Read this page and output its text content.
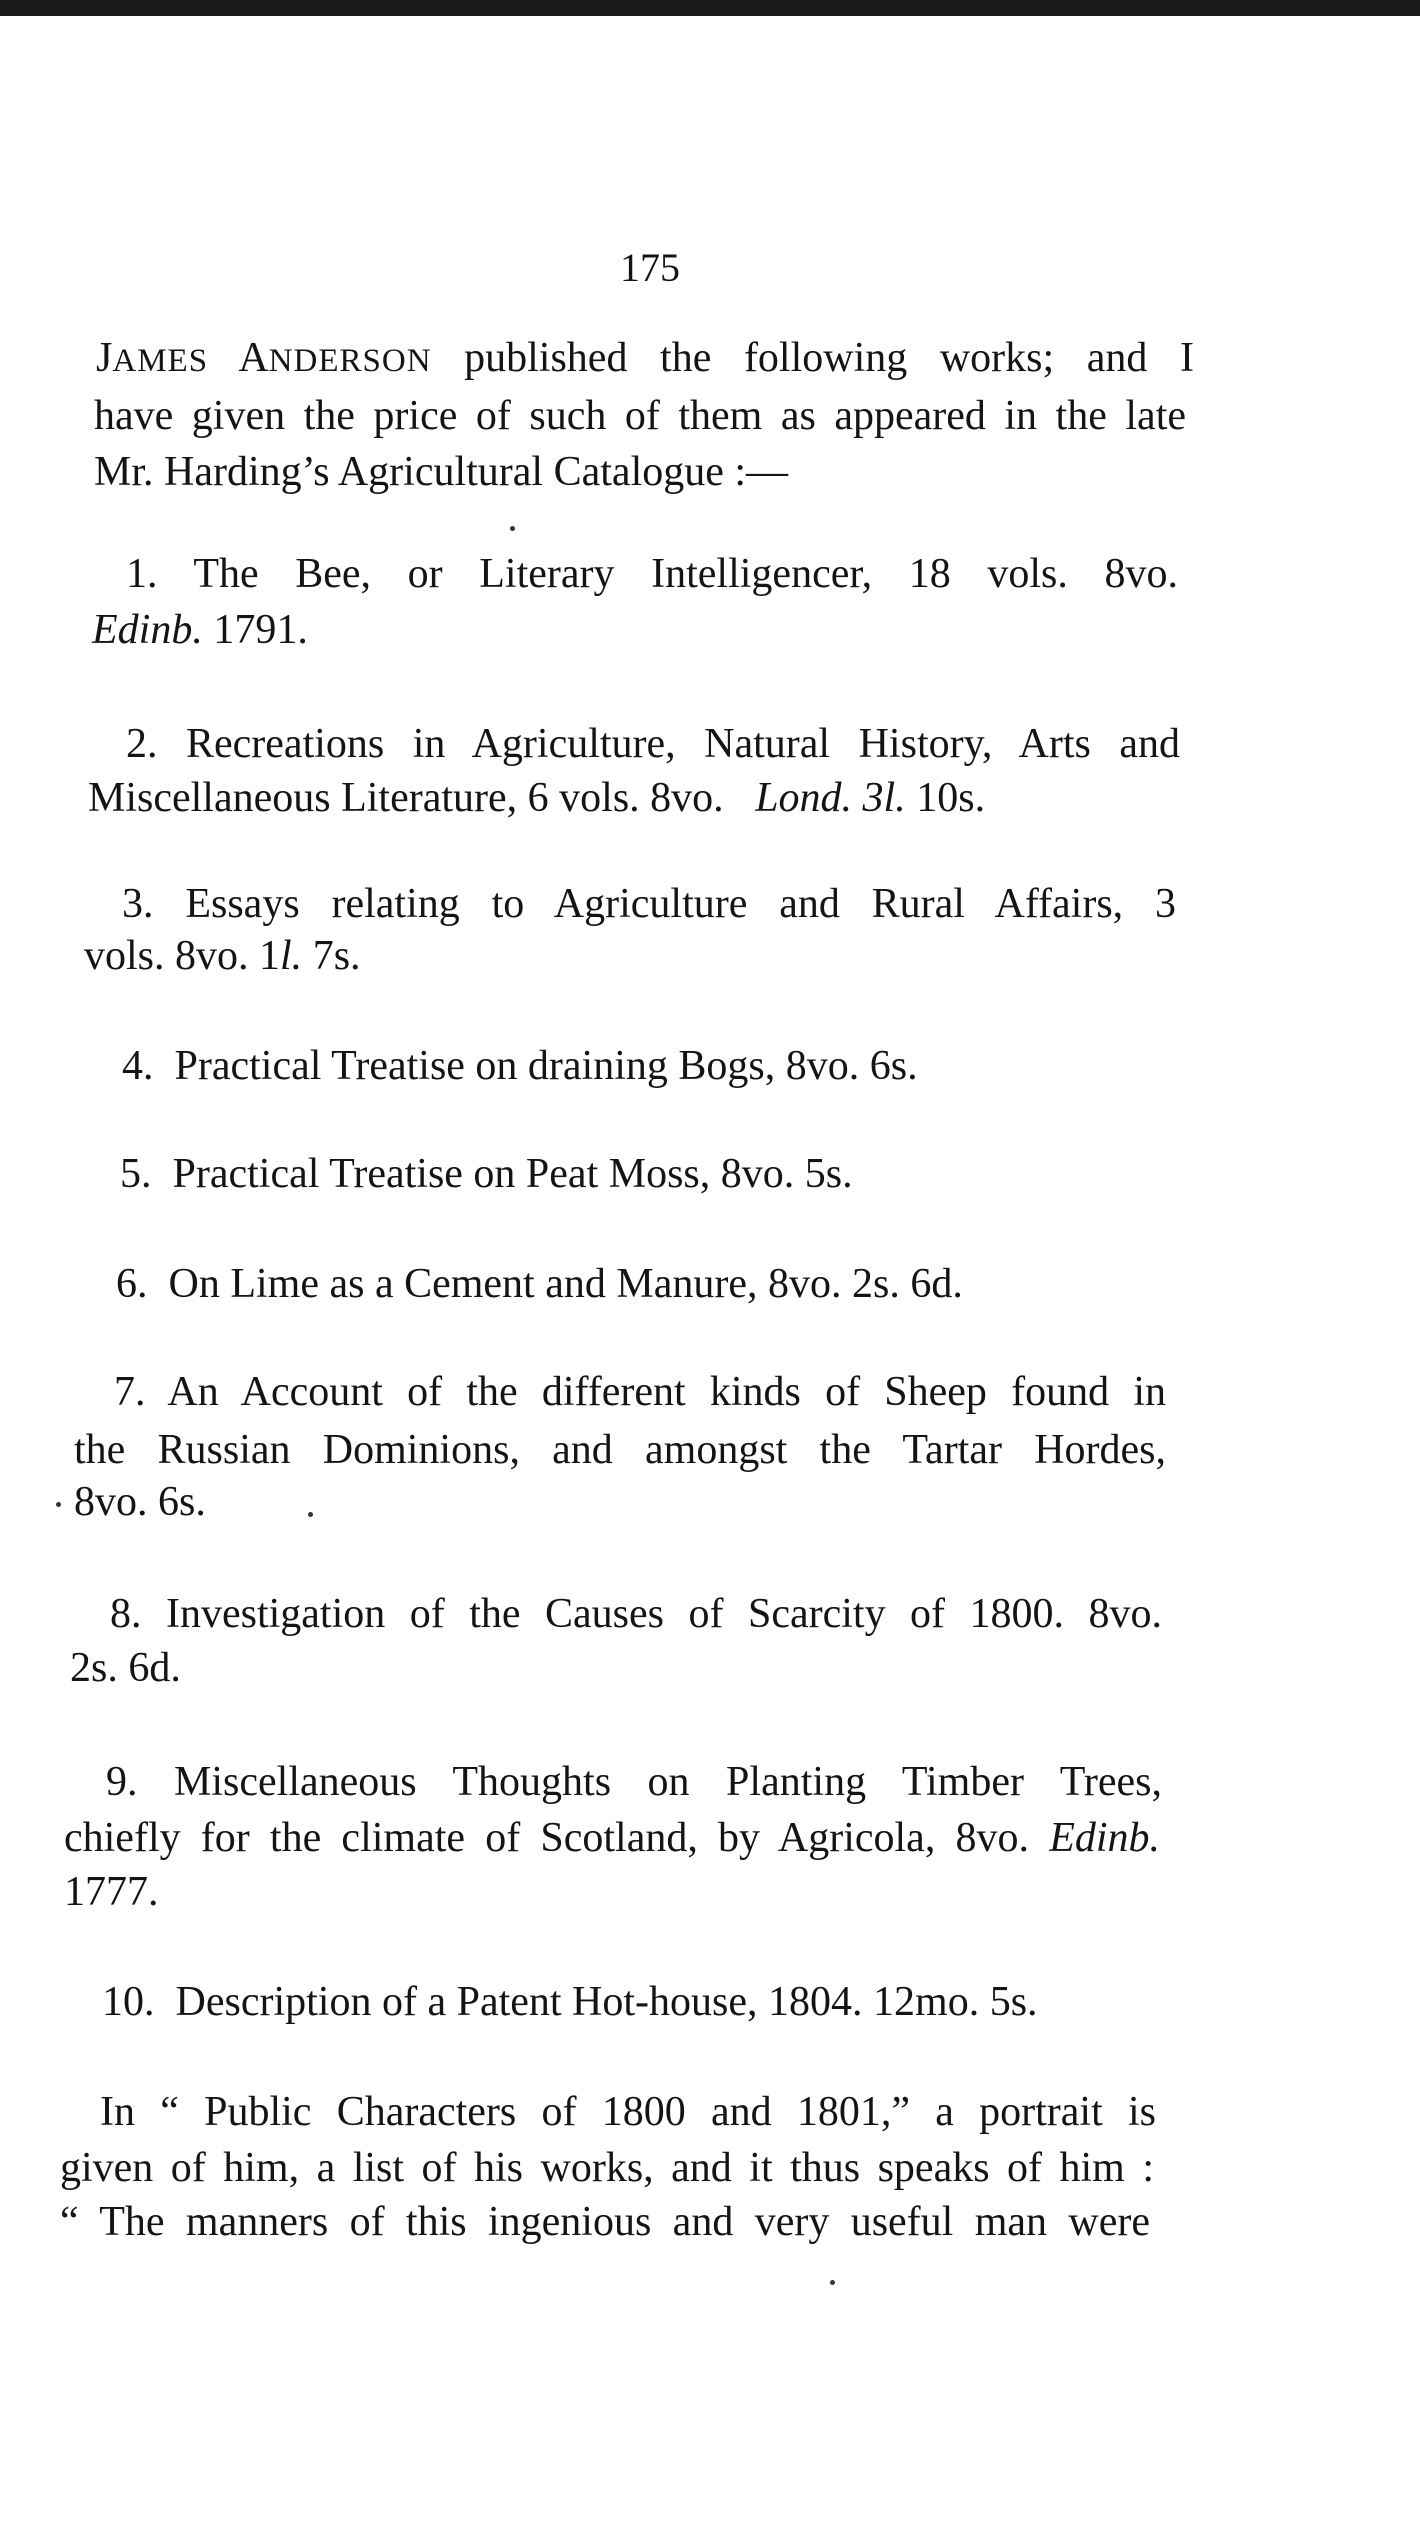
175
JAMES ANDERSON published the following works; and I
have given the price of such of them as appeared in the late
Mr. Harding’s Agricultural Catalogue :—
1. The Bee, or Literary Intelligencer, 18 vols. 8vo.
Edinb. 1791.
2. Recreations in Agriculture, Natural History, Arts and
Miscellaneous Literature, 6 vols. 8vo. Lond. 3l. 10s.
3. Essays relating to Agriculture and Rural Affairs, 3
vols. 8vo. 1l. 7s.
4. Practical Treatise on draining Bogs, 8vo. 6s.
5. Practical Treatise on Peat Moss, 8vo. 5s.
6. On Lime as a Cement and Manure, 8vo. 2s. 6d.
7. An Account of the different kinds of Sheep found in
the Russian Dominions, and amongst the Tartar Hordes,
8vo. 6s.
8. Investigation of the Causes of Scarcity of 1800. 8vo.
2s. 6d.
9. Miscellaneous Thoughts on Planting Timber Trees,
chiefly for the climate of Scotland, by Agricola, 8vo. Edinb.
1777.
10. Description of a Patent Hot-house, 1804. 12mo. 5s.
In “ Public Characters of 1800 and 1801,” a portrait is
given of him, a list of his works, and it thus speaks of him :
“ The manners of this ingenious and very useful man were
